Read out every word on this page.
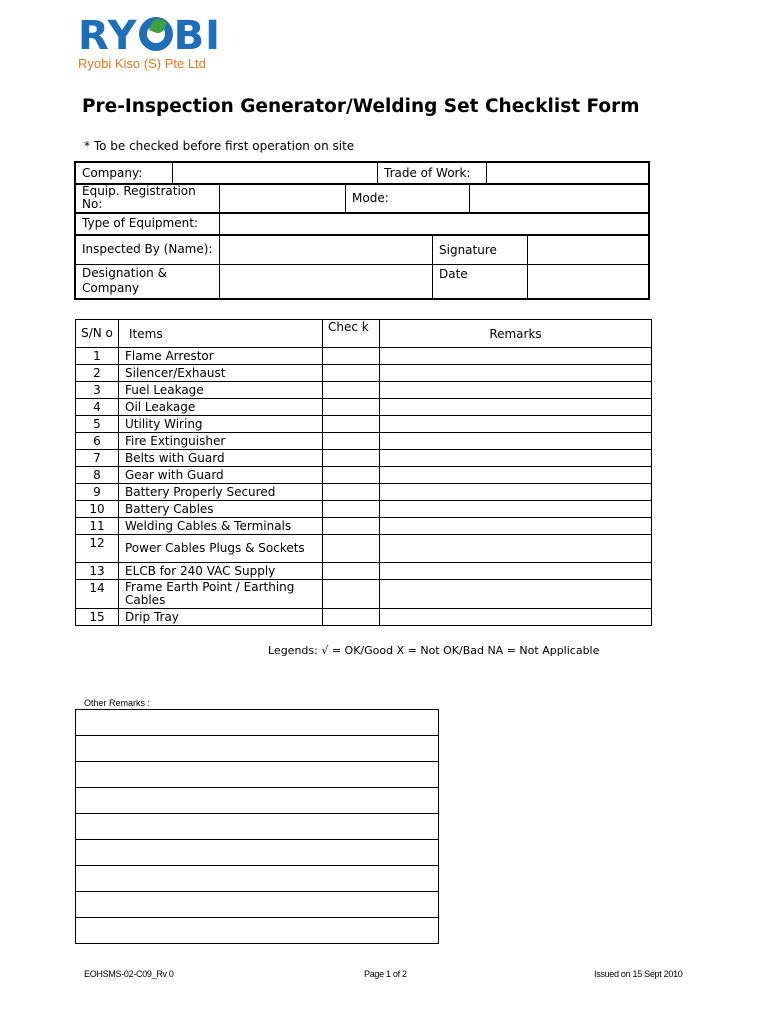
RY BI
Ryobi Kiso (S) Pte Ltd
Pre-Inspection Generator/Welding Set Checklist Form
* To be checked before first operation on site
Company:		Trade of Work:	
Equip. Registration No:		Mode:	
Type of Equipment:	
Inspected By (Name):		Signature	
Designation & Company		Date	
S/N o	Items	Chec k	Remarks
1	Flame Arrestor		
2	Silencer/Exhaust		
3	Fuel Leakage		
4	Oil Leakage		
5	Utility Wiring		
6	Fire Extinguisher		
7	Belts with Guard		
8	Gear with Guard		
9	Battery Properly Secured		
10	Battery Cables		
11	Welding Cables & Terminals		
12	Power Cables Plugs & Sockets		
13	ELCB for 240 VAC Supply		
14	Frame Earth Point / Earthing Cables		
15	Drip Tray		
Legends: √ = OK/Good X = Not OK/Bad NA = Not Applicable
Other Remarks :

EOHSMS-02-C09_Rv 0	Page 1 of 2	Issued on 15 Sept 2010
